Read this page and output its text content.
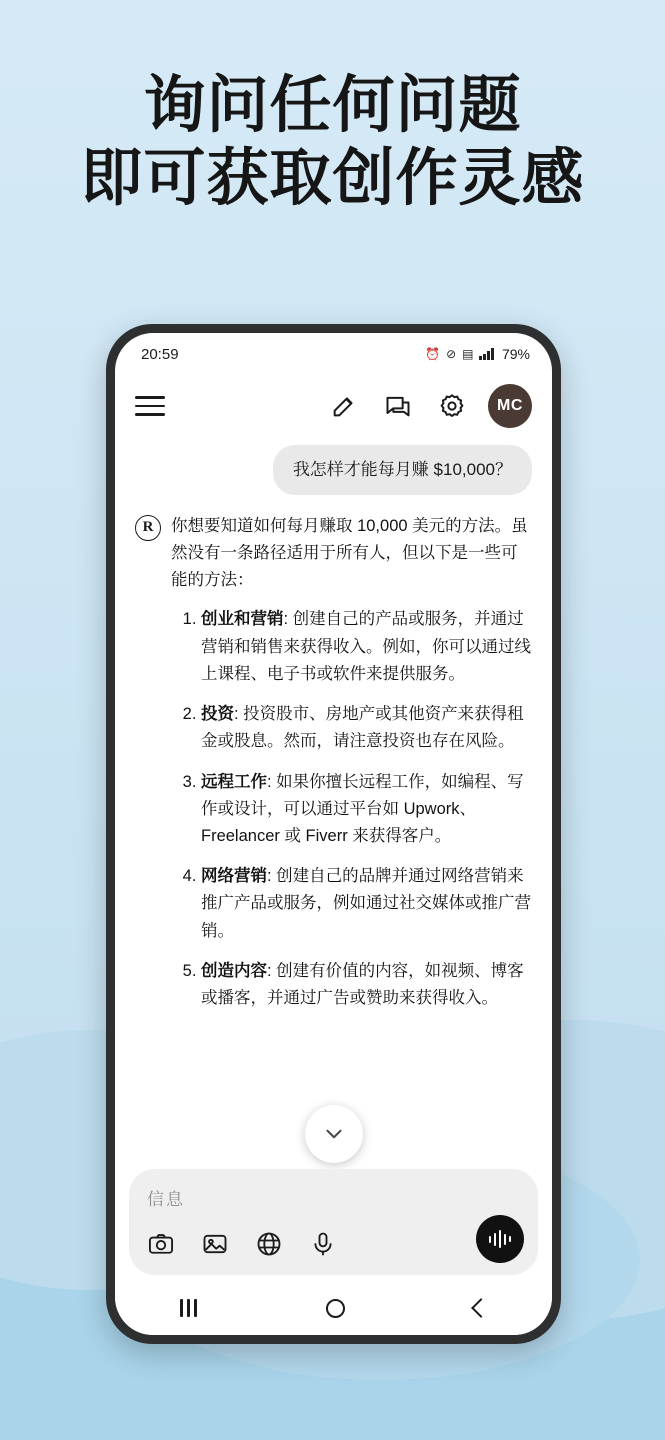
询问任何问题
即可获取创作灵感
20:59	⏰ ⊘ ▤ 79%
MC
我怎样才能每月赚 $10,000？
R	你想要知道如何每月赚取 10,000 美元的方法。虽然没有一条路径适用于所有人，但以下是一些可能的方法：
1. 创业和营销: 创建自己的产品或服务，并通过营销和销售来获得收入。例如，你可以通过线上课程、电子书或软件来提供服务。
2. 投资: 投资股市、房地产或其他资产来获得租金或股息。然而，请注意投资也存在风险。
3. 远程工作: 如果你擅长远程工作，如编程、写作或设计，可以通过平台如 Upwork、Freelancer 或 Fiverr 来获得客户。
4. 网络营销: 创建自己的品牌并通过网络营销来推广产品或服务，例如通过社交媒体或推广营销。
5. 创造内容: 创建有价值的内容，如视频、博客或播客，并通过广告或赞助来获得收入。
信息
